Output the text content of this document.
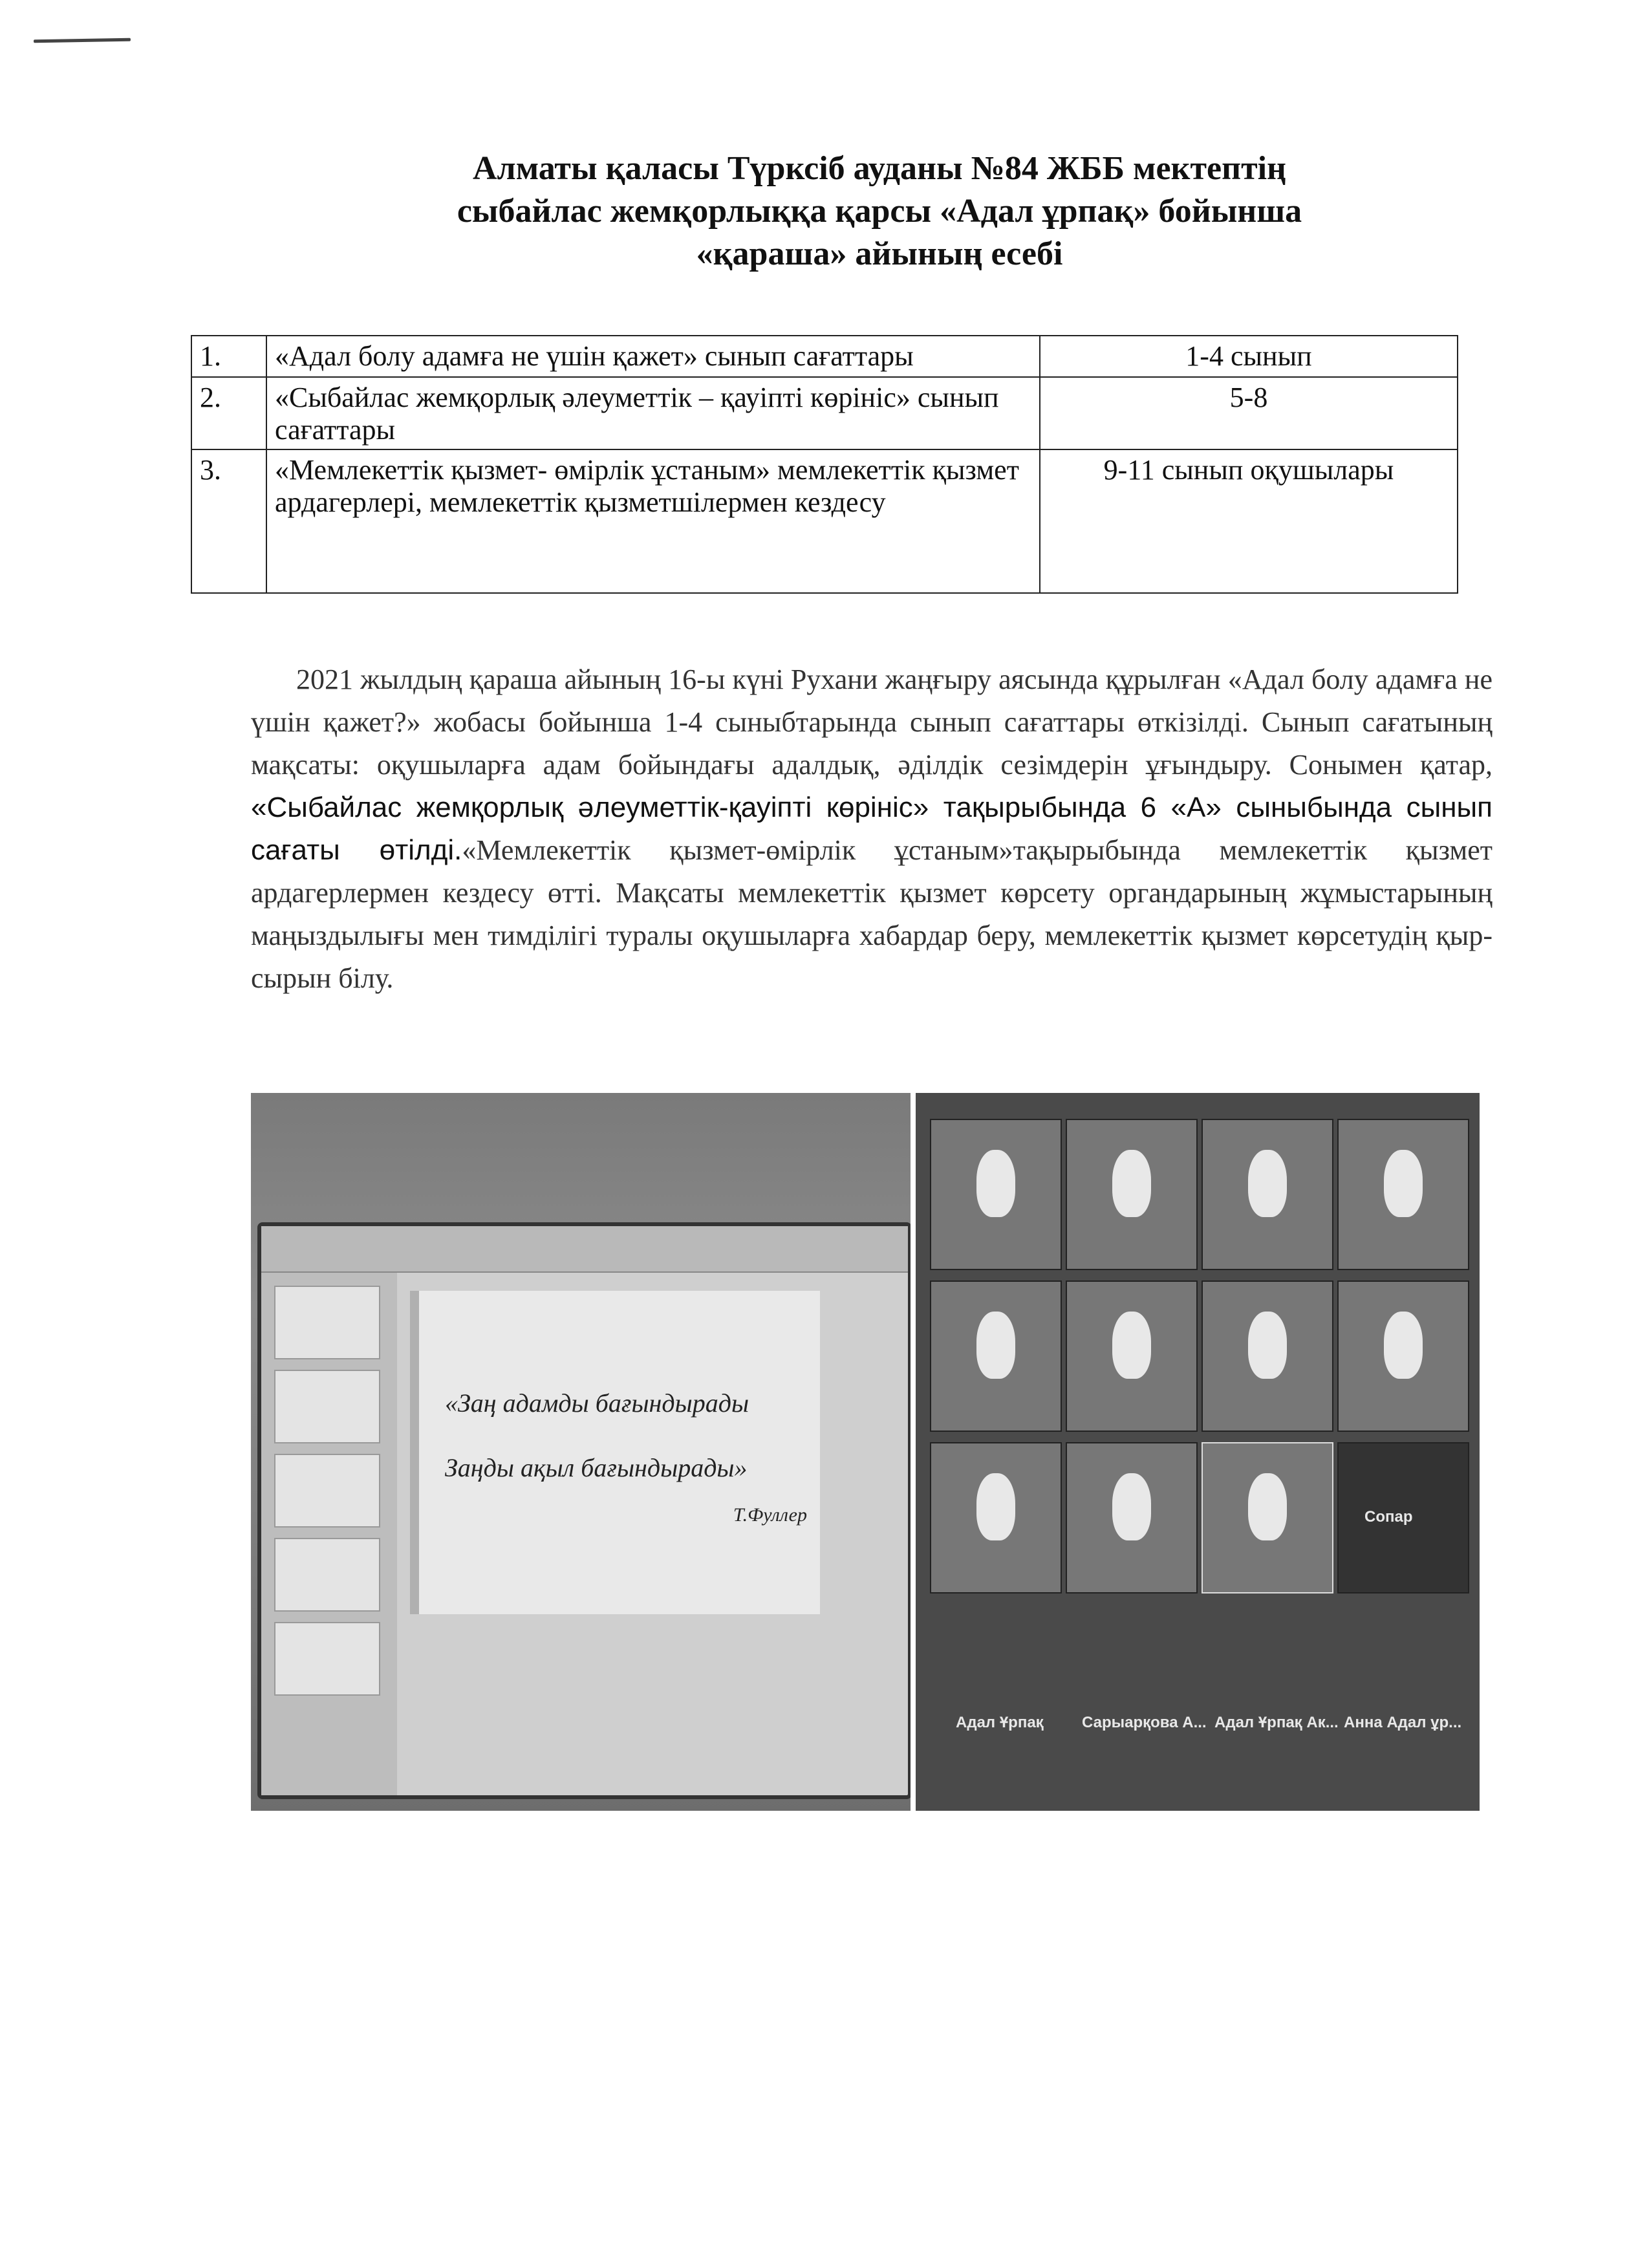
Алматы қаласы Түрксіб ауданы №84 ЖББ мектептің
сыбайлас жемқорлыққа қарсы «Адал ұрпақ» бойынша
«қараша» айының есебі
1.	«Адал болу адамға не үшін қажет» сынып сағаттары	1-4 сынып
2.	«Сыбайлас жемқорлық әлеуметтік – қауіпті көрініс» сынып сағаттары	5-8
3.	«Мемлекеттік қызмет- өмірлік ұстаным» мемлекеттік қызмет ардагерлері, мемлекеттік қызметшілермен кездесу	9-11 сынып оқушылары

2021 жылдың қараша айының 16-ы күні Рухани жаңғыру аясында құрылған «Адал болу адамға не үшін қажет?» жобасы бойынша 1-4 сыныбтарында сынып сағаттары өткізілді. Сынып сағатының мақсаты: оқушыларға адам бойындағы адалдық, әділдік сезімдерін ұғындыру. Сонымен қатар, «Сыбайлас жемқорлық әлеуметтік-қауіпті көрініс» тақырыбында 6 «А» сыныбында сынып сағаты өтілді.«Мемлекеттік қызмет-өмірлік ұстаным»тақырыбында мемлекеттік қызмет ардагерлермен кездесу өтті. Мақсаты мемлекеттік қызмет көрсету органдарының жұмыстарының маңыздылығы мен тимділігі туралы оқушыларға хабардар беру, мемлекеттік қызмет көрсетудің қыр-сырын білу.

«Заң адамды бағындырады
Заңды ақыл бағындырады»
Т.Фуллер	Сопар
Адал Ұрпақ Сарыарқова А... Адал Ұрпақ Ак... Анна Адал ұр...
